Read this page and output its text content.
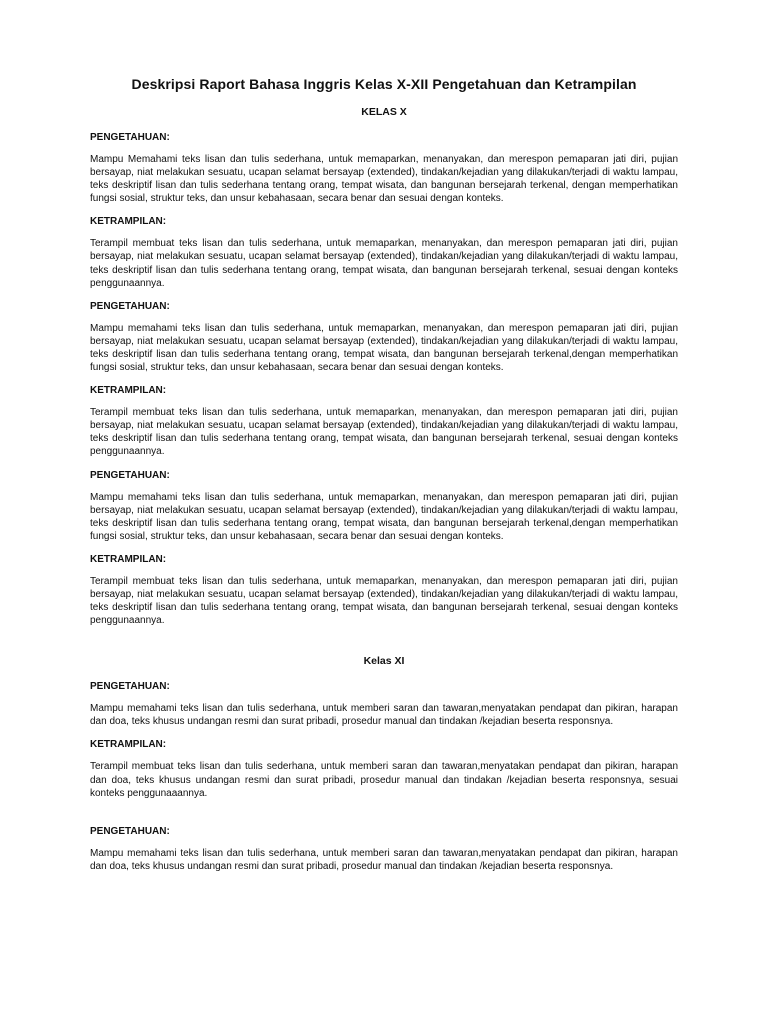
Deskripsi Raport Bahasa Inggris Kelas X-XII Pengetahuan dan Ketrampilan
KELAS X
PENGETAHUAN:

Mampu Memahami teks lisan dan tulis sederhana, untuk memaparkan, menanyakan, dan merespon pemaparan jati diri, pujian bersayap, niat melakukan sesuatu, ucapan selamat bersayap (extended), tindakan/kejadian yang dilakukan/terjadi di waktu lampau, teks deskriptif lisan dan tulis sederhana tentang orang, tempat wisata, dan bangunan bersejarah terkenal, dengan memperhatikan fungsi sosial, struktur teks, dan unsur kebahasaan, secara benar dan sesuai dengan konteks.

KETRAMPILAN:

Terampil membuat teks lisan dan tulis sederhana, untuk memaparkan, menanyakan, dan merespon pemaparan jati diri, pujian bersayap, niat melakukan sesuatu, ucapan selamat bersayap (extended), tindakan/kejadian yang dilakukan/terjadi di waktu lampau, teks deskriptif lisan dan tulis sederhana tentang orang, tempat wisata, dan bangunan bersejarah terkenal, sesuai dengan konteks penggunaannya.

PENGETAHUAN:

Mampu memahami teks lisan dan tulis sederhana, untuk memaparkan, menanyakan, dan merespon pemaparan jati diri, pujian bersayap, niat melakukan sesuatu, ucapan selamat bersayap (extended), tindakan/kejadian yang dilakukan/terjadi di waktu lampau, teks deskriptif lisan dan tulis sederhana tentang orang, tempat wisata, dan bangunan bersejarah terkenal,dengan memperhatikan fungsi sosial, struktur teks, dan unsur kebahasaan, secara benar dan sesuai dengan konteks.

KETRAMPILAN:

Terampil membuat teks lisan dan tulis sederhana, untuk memaparkan, menanyakan, dan merespon pemaparan jati diri, pujian bersayap, niat melakukan sesuatu, ucapan selamat bersayap (extended), tindakan/kejadian yang dilakukan/terjadi di waktu lampau, teks deskriptif lisan dan tulis sederhana tentang orang, tempat wisata, dan bangunan bersejarah terkenal, sesuai dengan konteks penggunaannya.

PENGETAHUAN:

Mampu memahami teks lisan dan tulis sederhana, untuk memaparkan, menanyakan, dan merespon pemaparan jati diri, pujian bersayap, niat melakukan sesuatu, ucapan selamat bersayap (extended), tindakan/kejadian yang dilakukan/terjadi di waktu lampau, teks deskriptif lisan dan tulis sederhana tentang orang, tempat wisata, dan bangunan bersejarah terkenal,dengan memperhatikan fungsi sosial, struktur teks, dan unsur kebahasaan, secara benar dan sesuai dengan konteks.

KETRAMPILAN:

Terampil membuat teks lisan dan tulis sederhana, untuk memaparkan, menanyakan, dan merespon pemaparan jati diri, pujian bersayap, niat melakukan sesuatu, ucapan selamat bersayap (extended), tindakan/kejadian yang dilakukan/terjadi di waktu lampau, teks deskriptif lisan dan tulis sederhana tentang orang, tempat wisata, dan bangunan bersejarah terkenal, sesuai dengan konteks penggunaannya.

Kelas XI
PENGETAHUAN:

Mampu memahami teks lisan dan tulis sederhana, untuk memberi saran dan tawaran,menyatakan pendapat dan pikiran, harapan dan doa, teks khusus undangan resmi dan surat pribadi, prosedur manual dan tindakan /kejadian beserta responsnya.

KETRAMPILAN:

Terampil membuat teks lisan dan tulis sederhana, untuk memberi saran dan tawaran,menyatakan pendapat dan pikiran, harapan dan doa, teks khusus undangan resmi dan surat pribadi, prosedur manual dan tindakan /kejadian beserta responsnya, sesuai konteks penggunaaannya.

PENGETAHUAN:

Mampu memahami teks lisan dan tulis sederhana, untuk memberi saran dan tawaran,menyatakan pendapat dan pikiran, harapan dan doa, teks khusus undangan resmi dan surat pribadi, prosedur manual dan tindakan /kejadian beserta responsnya.
